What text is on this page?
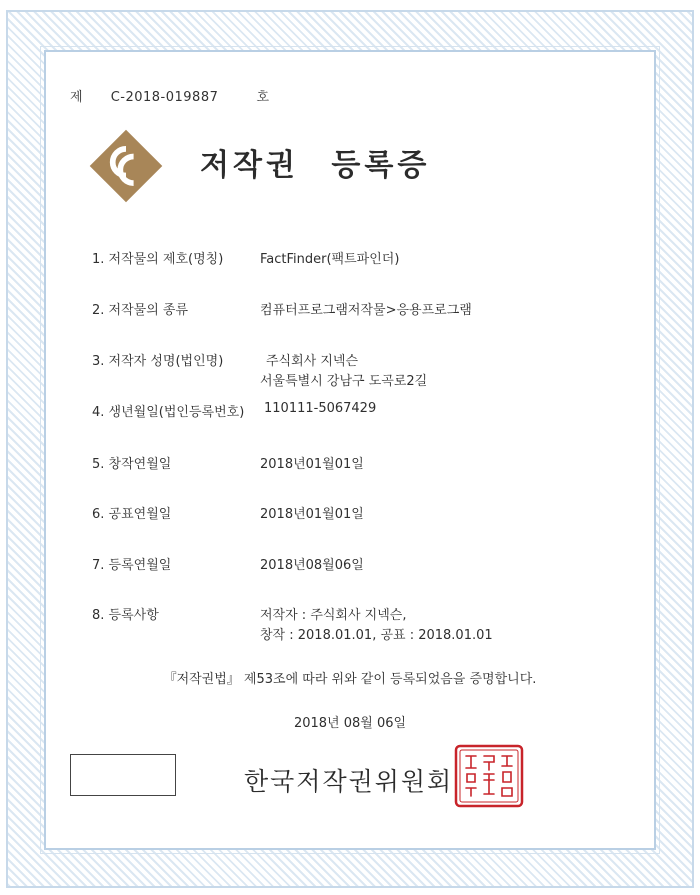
제 C-2018-019887	호
저작권 등록증
1. 저작물의 제호(명칭)	FactFinder(팩트파인더)
2. 저작물의 종류	컴퓨터프로그램저작물>응용프로그램
3. 저작자 성명(법인명)	주식회사 지넥슨
서울특별시 강남구 도곡로2길
4. 생년월일(법인등록번호) 110111-5067429
5. 창작연월일	2018년01월01일
6. 공표연월일	2018년01월01일
7. 등록연월일	2018년08월06일
8. 등록사항	저작자 : 주식회사 지넥슨,
창작 : 2018.01.01, 공표 : 2018.01.01
『저작권법』 제53조에 따라 위와 같이 등록되었음을 증명합니다.
2018년 08월 06일
한국저작권위원회
